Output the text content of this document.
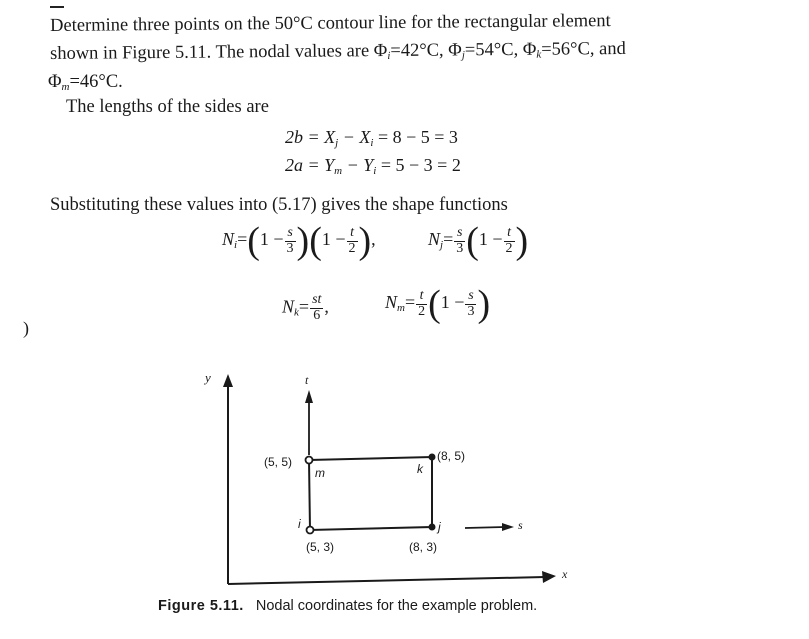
Determine three points on the 50°C contour line for the rectangular element
shown in Figure 5.11. The nodal values are $\Phi_i=42^\circ C$, $\Phi_j=54^\circ C$, $\Phi_k=56^\circ C$, and
$\Phi_m=46^\circ C$.
The lengths of the sides are
$2b = X_j - X_i = 8 - 5 = 3$
$2a = Y_m - Y_i = 5 - 3 = 2$
Substituting these values into (5.17) gives the shape functions
$N_i=(1 - \frac{s}{3} )(1 - \frac{t}{2}$ ),	$N_j= \frac{s}{3} (1 - \frac{t}{2}$ )
$N_k= \frac{st}{6}$ ,	$N_m= \frac{t}{2} (1 - \frac{s}{3}$ )
)
y	t
s
x
m	k
i	j
(5, 5)	(8, 5)
(5, 3)	(8, 3)
Figure 5.11. Nodal coordinates for the example problem.
